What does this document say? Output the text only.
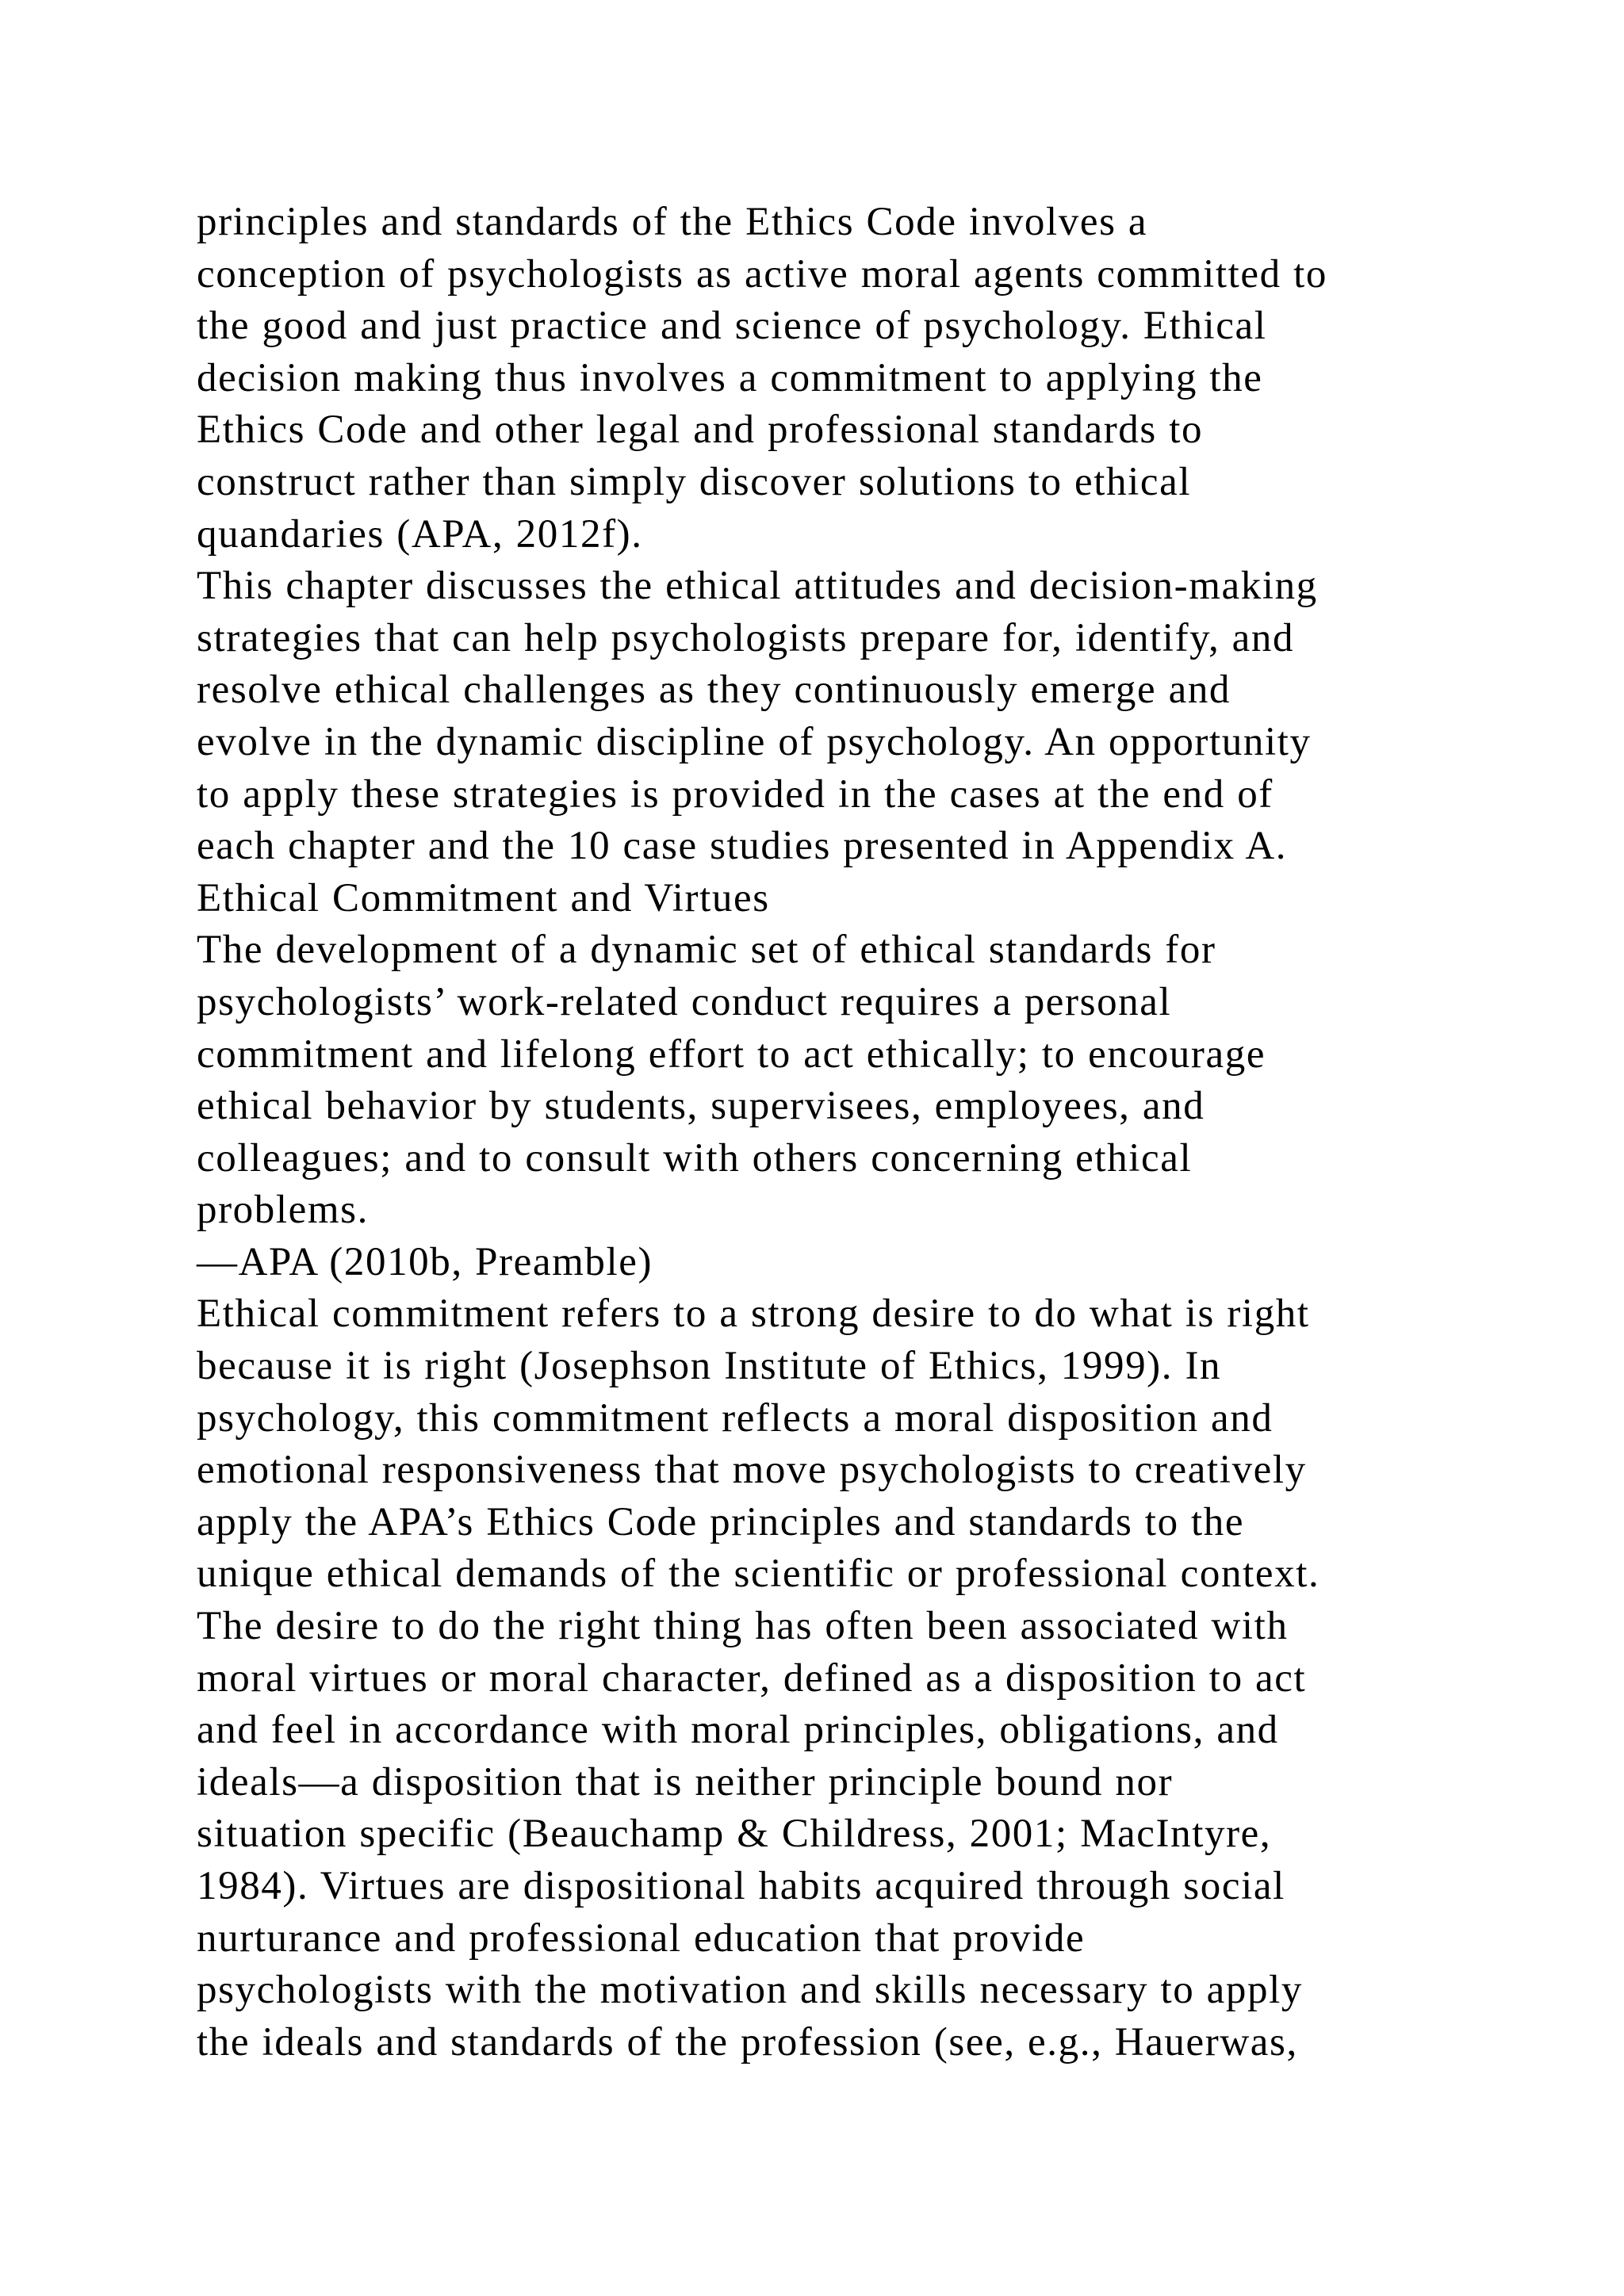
principles and standards of the Ethics Code involves a
conception of psychologists as active moral agents committed to
the good and just practice and science of psychology. Ethical
decision making thus involves a commitment to applying the
Ethics Code and other legal and professional standards to
construct rather than simply discover solutions to ethical
quandaries (APA, 2012f).
This chapter discusses the ethical attitudes and decision-making
strategies that can help psychologists prepare for, identify, and
resolve ethical challenges as they continuously emerge and
evolve in the dynamic discipline of psychology. An opportunity
to apply these strategies is provided in the cases at the end of
each chapter and the 10 case studies presented in Appendix A.
Ethical Commitment and Virtues
The development of a dynamic set of ethical standards for
psychologists’ work-related conduct requires a personal
commitment and lifelong effort to act ethically; to encourage
ethical behavior by students, supervisees, employees, and
colleagues; and to consult with others concerning ethical
problems.
—APA (2010b, Preamble)
Ethical commitment refers to a strong desire to do what is right
because it is right (Josephson Institute of Ethics, 1999). In
psychology, this commitment reflects a moral disposition and
emotional responsiveness that move psychologists to creatively
apply the APA’s Ethics Code principles and standards to the
unique ethical demands of the scientific or professional context.
The desire to do the right thing has often been associated with
moral virtues or moral character, defined as a disposition to act
and feel in accordance with moral principles, obligations, and
ideals—a disposition that is neither principle bound nor
situation specific (Beauchamp & Childress, 2001; MacIntyre,
1984). Virtues are dispositional habits acquired through social
nurturance and professional education that provide
psychologists with the motivation and skills necessary to apply
the ideals and standards of the profession (see, e.g., Hauerwas,
